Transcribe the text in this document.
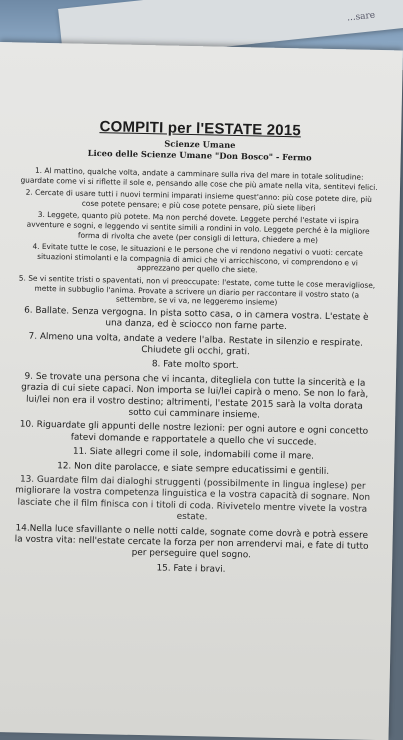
...sare
COMPITI per l'ESTATE 2015
Scienze Umane
Liceo delle Scienze Umane "Don Bosco" - Fermo
1. Al mattino, qualche volta, andate a camminare sulla riva del mare in totale solitudine: guardate come vi si riflette il sole e, pensando alle cose che più amate nella vita, sentitevi felici.
2. Cercate di usare tutti i nuovi termini imparati insieme quest'anno: più cose potete dire, più cose potete pensare; e più cose potete pensare, più siete liberi
3. Leggete, quanto più potete. Ma non perché dovete. Leggete perché l'estate vi ispira avventure e sogni, e leggendo vi sentite simili a rondini in volo. Leggete perché è la migliore forma di rivolta che avete (per consigli di lettura, chiedere a me)
4. Evitate tutte le cose, le situazioni e le persone che vi rendono negativi o vuoti: cercate situazioni stimolanti e la compagnia di amici che vi arricchiscono, vi comprendono e vi apprezzano per quello che siete.
5. Se vi sentite tristi o spaventati, non vi preoccupate: l'estate, come tutte le cose meravigliose, mette in subbuglio l'anima. Provate a scrivere un diario per raccontare il vostro stato (a settembre, se vi va, ne leggeremo insieme)
6. Ballate. Senza vergogna. In pista sotto casa, o in camera vostra. L'estate è una danza, ed è sciocco non farne parte.
7. Almeno una volta, andate a vedere l'alba. Restate in silenzio e respirate. Chiudete gli occhi, grati.
8. Fate molto sport.
9. Se trovate una persona che vi incanta, ditegliela con tutte la sincerità e la grazia di cui siete capaci. Non importa se lui/lei capirà o meno. Se non lo farà, lui/lei non era il vostro destino; altrimenti, l'estate 2015 sarà la volta dorata sotto cui camminare insieme.
10. Riguardate gli appunti delle nostre lezioni: per ogni autore e ogni concetto fatevi domande e rapportatele a quello che vi succede.
11. Siate allegri come il sole, indomabili come il mare.
12. Non dite parolacce, e siate sempre educatissimi e gentili.
13. Guardate film dai dialoghi struggenti (possibilmente in lingua inglese) per migliorare la vostra competenza linguistica e la vostra capacità di sognare. Non lasciate che il film finisca con i titoli di coda. Rivivetelo mentre vivete la vostra estate.
14.Nella luce sfavillante o nelle notti calde, sognate come dovrà e potrà essere la vostra vita: nell'estate cercate la forza per non arrendervi mai, e fate di tutto per perseguire quel sogno.
15. Fate i bravi.
